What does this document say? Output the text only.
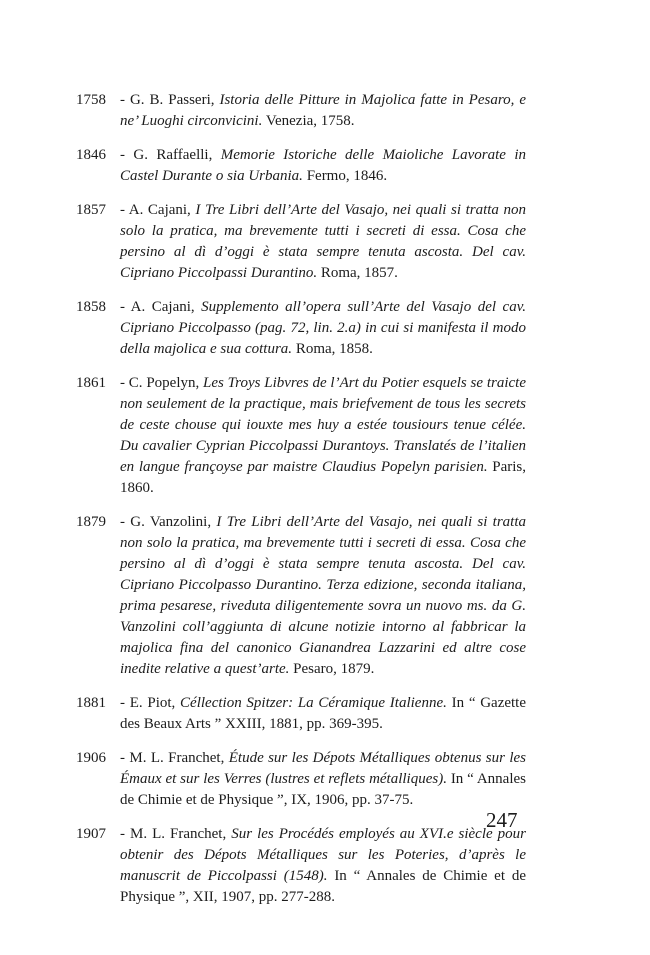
1758 - G. B. Passeri, Istoria delle Pitture in Majolica fatte in Pesaro, e ne’ Luoghi circonvicini. Venezia, 1758.
1846 - G. Raffaelli, Memorie Istoriche delle Maioliche Lavorate in Castel Durante o sia Urbania. Fermo, 1846.
1857 - A. Cajani, I Tre Libri dell’Arte del Vasajo, nei quali si tratta non solo la pratica, ma brevemente tutti i secreti di essa. Cosa che persino al dì d’oggi è stata sempre tenuta ascosta. Del cav. Cipriano Piccolpassi Durantino. Roma, 1857.
1858 - A. Cajani, Supplemento all’opera sull’Arte del Vasajo del cav. Cipriano Piccolpasso (pag. 72, lin. 2.a) in cui si manifesta il modo della majolica e sua cottura. Roma, 1858.
1861 - C. Popelyn, Les Troys Libvres de l’Art du Potier esquels se traicte non seulement de la practique, mais briefvement de tous les secrets de ceste chouse qui iouxte mes huy a estée tousiours tenue célée. Du cavalier Cyprian Piccolpassi Durantoys. Translatés de l’italien en langue françoyse par maistre Claudius Popelyn parisien. Paris, 1860.
1879 - G. Vanzolini, I Tre Libri dell’Arte del Vasajo, nei quali si tratta non solo la pratica, ma brevemente tutti i secreti di essa. Cosa che persino al dì d’oggi è stata sempre tenuta ascosta. Del cav. Cipriano Piccolpasso Durantino. Terza edizione, seconda italiana, prima pesarese, riveduta diligentemente sovra un nuovo ms. da G. Vanzolini coll’aggiunta di alcune notizie intorno al fabbricar la majolica fina del canonico Gianandrea Lazzarini ed altre cose inedite relative a quest’arte. Pesaro, 1879.
1881 - E. Piot, Céllection Spitzer: La Céramique Italienne. In “ Gazette des Beaux Arts ” XXIII, 1881, pp. 369-395.
1906 - M. L. Franchet, Étude sur les Dépots Métalliques obtenus sur les Émaux et sur les Verres (lustres et reflets métalliques). In “ Annales de Chimie et de Physique ”, IX, 1906, pp. 37-75.
1907 - M. L. Franchet, Sur les Procédés employés au XVI.e siècle pour obtenir des Dépots Métalliques sur les Poteries, d’après le manuscrit de Piccolpassi (1548). In “ Annales de Chimie et de Physique ”, XII, 1907, pp. 277-288.
247
